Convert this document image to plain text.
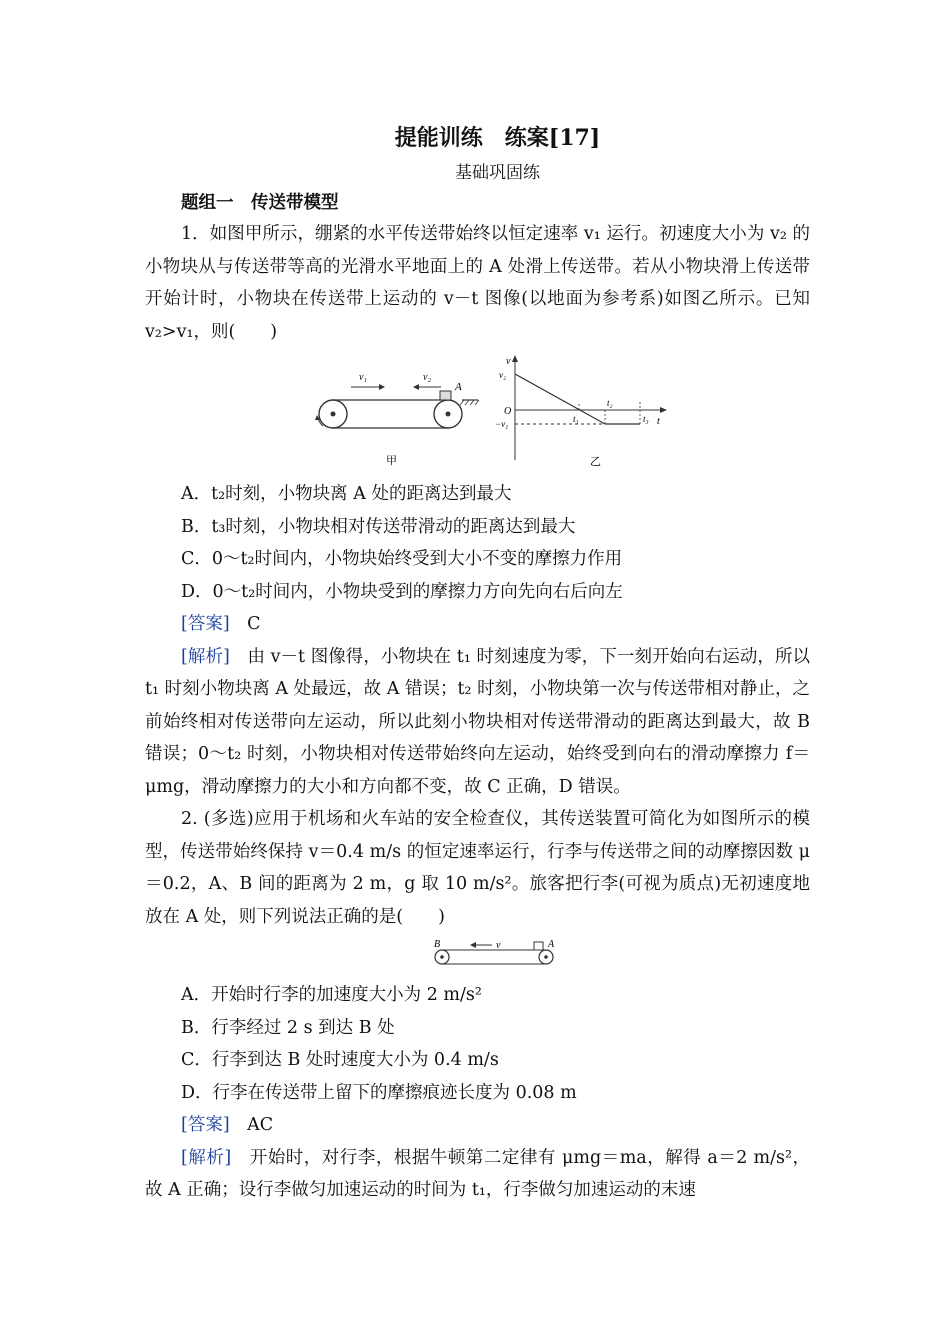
提能训练　练案[17]

基础巩固练

题组一　传送带模型

1．如图甲所示，绷紧的水平传送带始终以恒定速率 v₁ 运行。初速度大小为 v₂ 的小物块从与传送带等高的光滑水平地面上的 A 处滑上传送带。若从小物块滑上传送带开始计时，小物块在传送带上运动的 v－t 图像(以地面为参考系)如图乙所示。已知 v₂>v₁，则(　　)

v₁	v₂
A
甲
v
v₂
O
−v₁	t
t₁
t₂
t₃
乙

A．t₂时刻，小物块离 A 处的距离达到最大

B．t₃时刻，小物块相对传送带滑动的距离达到最大

C．0～t₂时间内，小物块始终受到大小不变的摩擦力作用

D．0～t₂时间内，小物块受到的摩擦力方向先向右后向左

[答案]　 C

[解析]　 由 v－t 图像得，小物块在 t₁ 时刻速度为零，下一刻开始向右运动，所以 t₁ 时刻小物块离 A 处最远，故 A 错误；t₂ 时刻，小物块第一次与传送带相对静止，之前始终相对传送带向左运动，所以此刻小物块相对传送带滑动的距离达到最大，故 B 错误；0～t₂ 时刻，小物块相对传送带始终向左运动，始终受到向右的滑动摩擦力 f＝μmg，滑动摩擦力的大小和方向都不变，故 C 正确，D 错误。

2. (多选)应用于机场和火车站的安全检查仪，其传送装置可简化为如图所示的模型，传送带始终保持 v＝0.4 m/s 的恒定速率运行，行李与传送带之间的动摩擦因数 μ＝0.2，A、B 间的距离为 2 m，g 取 10 m/s²。旅客把行李(可视为质点)无初速度地放在 A 处，则下列说法正确的是(　　)

B	A
v

A．开始时行李的加速度大小为 2 m/s²

B．行李经过 2 s 到达 B 处

C．行李到达 B 处时速度大小为 0.4 m/s

D．行李在传送带上留下的摩擦痕迹长度为 0.08 m

[答案]　 AC

[解析]　 开始时，对行李，根据牛顿第二定律有 μmg＝ma，解得 a＝2 m/s²，故 A 正确；设行李做匀加速运动的时间为 t₁，行李做匀加速运动的末速
